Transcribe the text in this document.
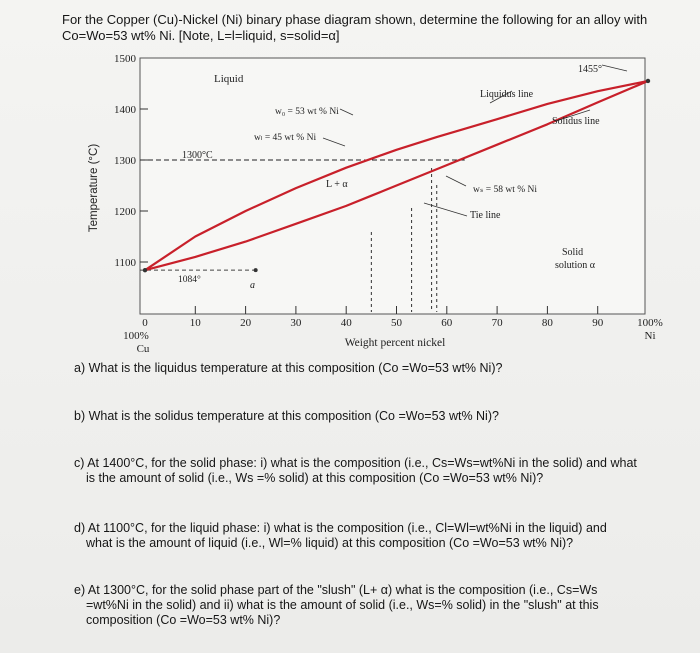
For the Copper (Cu)-Nickel (Ni) binary phase diagram shown, determine the following for an alloy with
Co=Wo=53 wt% Ni. [Note, L=l=liquid, s=solid=α]

1500
1400
1300
1200
1100
Temperature (°C)
0	10	20	30	40	50	60	70	80	90
100%
Cu
100%
Ni
Weight percent nickel
Liquid
Liquidus line
Solidus line
1455°
w₀ = 53 wt % Ni
wₗ = 45 wt % Ni
1300°C
L + α	wₛ = 58 wt % Ni
Tie line
Solid
solution α
1084°	a

a) What is the liquidus temperature at this composition (Co =Wo=53 wt% Ni)?

b) What is the solidus temperature at this composition (Co =Wo=53 wt% Ni)?

c) At 1400°C, for the solid phase: i) what is the composition (i.e., Cs=Ws=wt%Ni in the solid) and what
is the amount of solid (i.e., Ws =% solid) at this composition (Co =Wo=53 wt% Ni)?

d) At 1100°C, for the liquid phase: i) what is the composition (i.e., Cl=Wl=wt%Ni in the liquid) and
what is the amount of liquid (i.e., Wl=% liquid) at this composition (Co =Wo=53 wt% Ni)?

e) At 1300°C, for the solid phase part of the "slush" (L+ α) what is the composition (i.e., Cs=Ws
=wt%Ni in the solid) and ii) what is the amount of solid (i.e., Ws=% solid) in the "slush" at this
composition (Co =Wo=53 wt% Ni)?
